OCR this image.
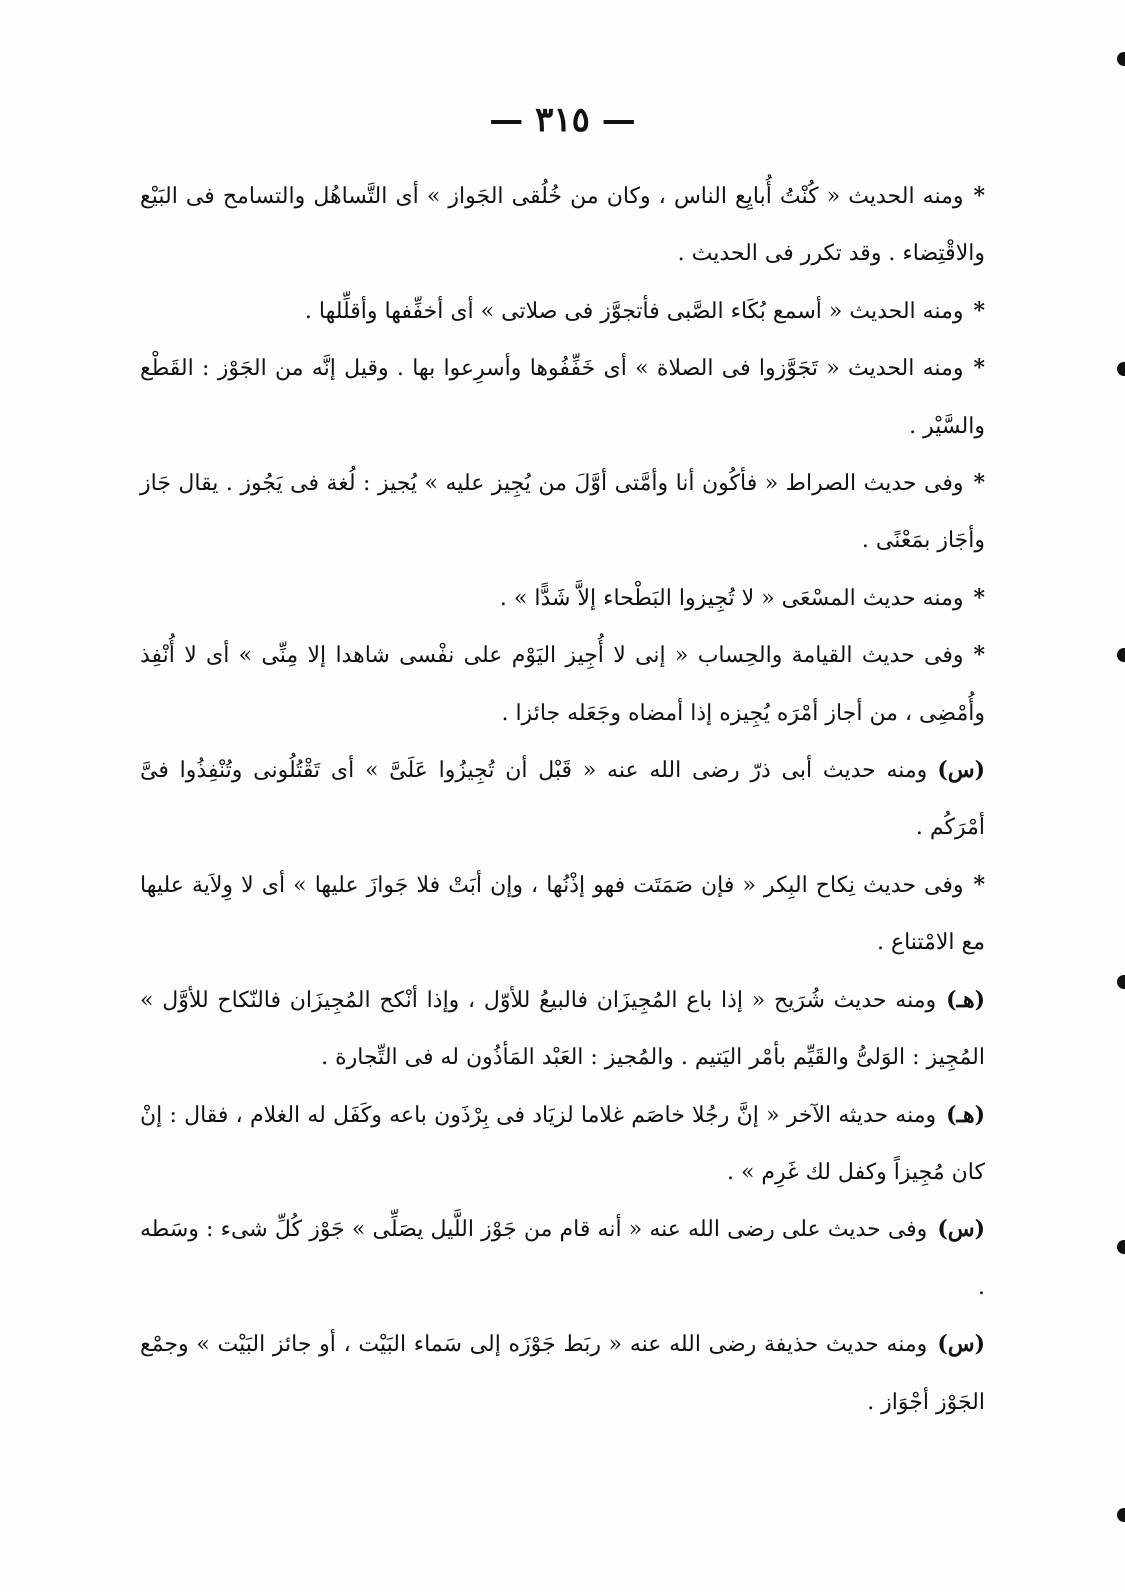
— ٣١٥ —

*ومنه الحديث « كُنْتُ أُبايِع الناس ، وكان من خُلُقى الجَواز » أى التَّساهُل والتسامح فى البَيْع والاقْتِضاء . وقد تكرر فى الحديث .

*ومنه الحديث « أسمع بُكَاء الصَّبى فأتجوَّز فى صلاتى » أى أخفِّفها وأقلِّلها .

*ومنه الحديث « تَجَوَّزوا فى الصلاة » أى خَفِّفُوها وأسرِعوا بها . وقيل إنَّه من الجَوْز : القَطْع والسَّيْر .

*وفى حديث الصراط « فأكُون أنا وأمَّتى أوَّلَ من يُجِيز عليه » يُجيز : لُغة فى يَجُوز . يقال جَاز وأجَاز بمَعْنًى .

*ومنه حديث المسْعَى « لا تُجِيزوا البَطْحاء إلاَّ شَدًّا » .

*وفى حديث القيامة والحِساب « إنى لا أُجِيز اليَوْم على نفْسى شاهدا إلا مِنِّى » أى لا أُنْفِذ وأُمْضِى ، من أجاز أمْرَه يُجِيزه إذا أمضاه وجَعَله جائزا .

(س)ومنه حديث أبى ذرّ رضى الله عنه « قَبْل أن تُجِيزُوا عَلَىَّ » أى تَقْتُلُونى وتُنْفِذُوا فىَّ أمْرَكُم .

*وفى حديث نِكاح البِكر « فإن صَمَتَت فهو إذْنُها ، وإن أبَتْ فلا جَوازَ عليها » أى لا وِلاَية عليها مع الامْتناع .

(هـ)ومنه حديث شُرَيح « إذا باع المُجِيزَان فالبيعُ للأوّل ، وإذا أنْكح المُجِيزَان فالنّكاح للأوَّل » المُجِيز : الوَلىُّ والقَيِّم بأمْر اليَتيم . والمُجيز : العَبْد المَأذُون له فى التِّجارة .

(هـ)ومنه حديثه الآخر « إنَّ رجُلا خاصَم غلاما لزيَاد فى بِرْذَون باعه وكَفَل له الغلام ، فقال : إنْ كان مُجِيزاً وكفل لك غَرِم » .

(س)وفى حديث على رضى الله عنه « أنه قام من جَوْز اللَّيل يصَلِّى » جَوْز كُلِّ شىء : وسَطه .

(س)ومنه حديث حذيفة رضى الله عنه « ربَط جَوْزَه إلى سَماء البَيْت ، أو جائز البَيْت » وجمْع الجَوْز أجْوَاز .
